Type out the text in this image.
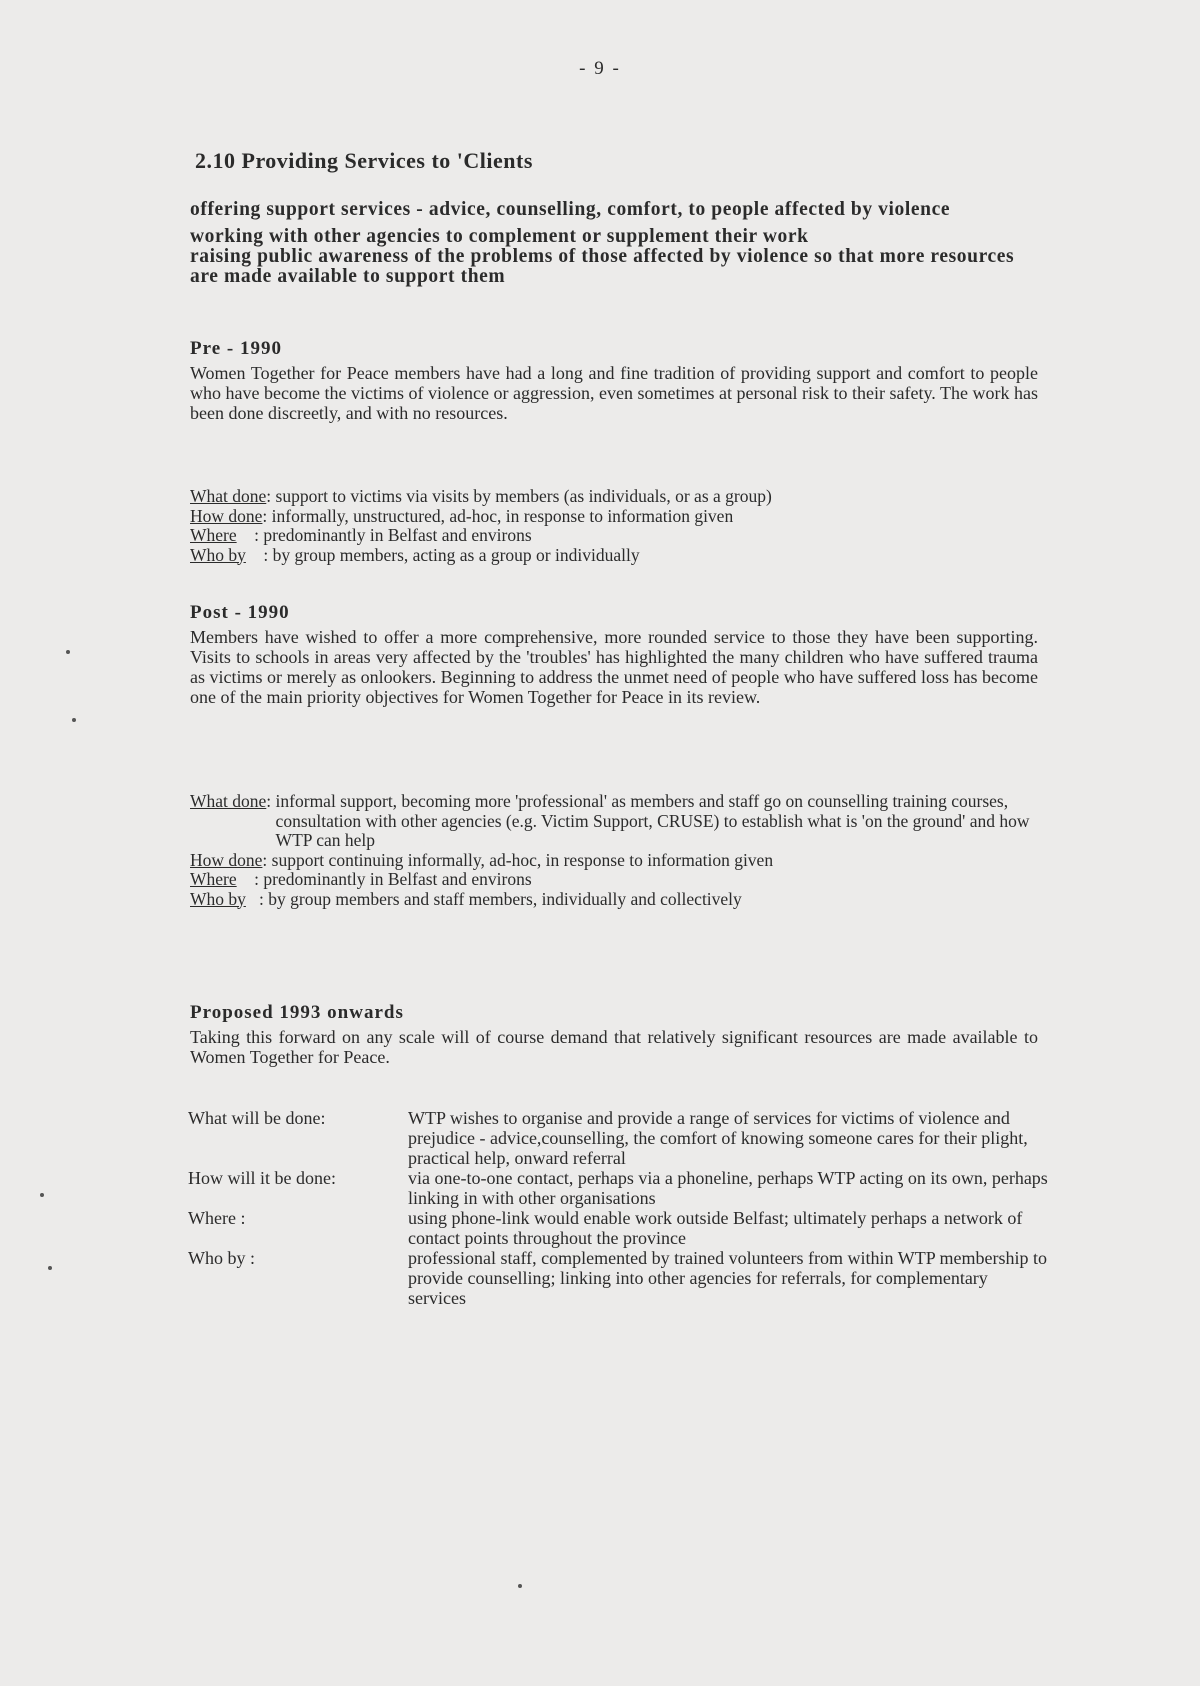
- 9 -
2.10 Providing Services to 'Clients

offering support services - advice, counselling, comfort, to people affected by violence

working with other agencies to complement or supplement their work

raising public awareness of the problems of those affected by violence so that more resources are made available to support them

Pre - 1990

Women Together for Peace members have had a long and fine tradition of providing support and comfort to people who have become the victims of violence or aggression, even sometimes at personal risk to their safety. The work has been done discreetly, and with no resources.

What done : support to victims via visits by members (as individuals, or as a group)
How done : informally, unstructured, ad-hoc, in response to information given
Where : predominantly in Belfast and environs
Who by : by group members, acting as a group or individually
Post - 1990

Members have wished to offer a more comprehensive, more rounded service to those they have been supporting. Visits to schools in areas very affected by the 'troubles' has highlighted the many children who have suffered trauma as victims or merely as onlookers. Beginning to address the unmet need of people who have suffered loss has become one of the main priority objectives for Women Together for Peace in its review.

What done : informal support, becoming more 'professional' as members and staff go on counselling training courses, consultation with other agencies (e.g. Victim Support, CRUSE) to establish what is 'on the ground' and how WTP can help
How done : support continuing informally, ad-hoc, in response to information given
Where : predominantly in Belfast and environs
Who by : by group members and staff members, individually and collectively
Proposed 1993 onwards

Taking this forward on any scale will of course demand that relatively significant resources are made available to Women Together for Peace.

What will be done:	WTP wishes to organise and provide a range of services for victims of violence and prejudice - advice,counselling, the comfort of knowing someone cares for their plight, practical help, onward referral
How will it be done:	via one-to-one contact, perhaps via a phoneline, perhaps WTP acting on its own, perhaps linking in with other organisations
Where :	using phone-link would enable work outside Belfast; ultimately perhaps a network of contact points throughout the province
Who by :	professional staff, complemented by trained volunteers from within WTP membership to provide counselling; linking into other agencies for referrals, for complementary services
